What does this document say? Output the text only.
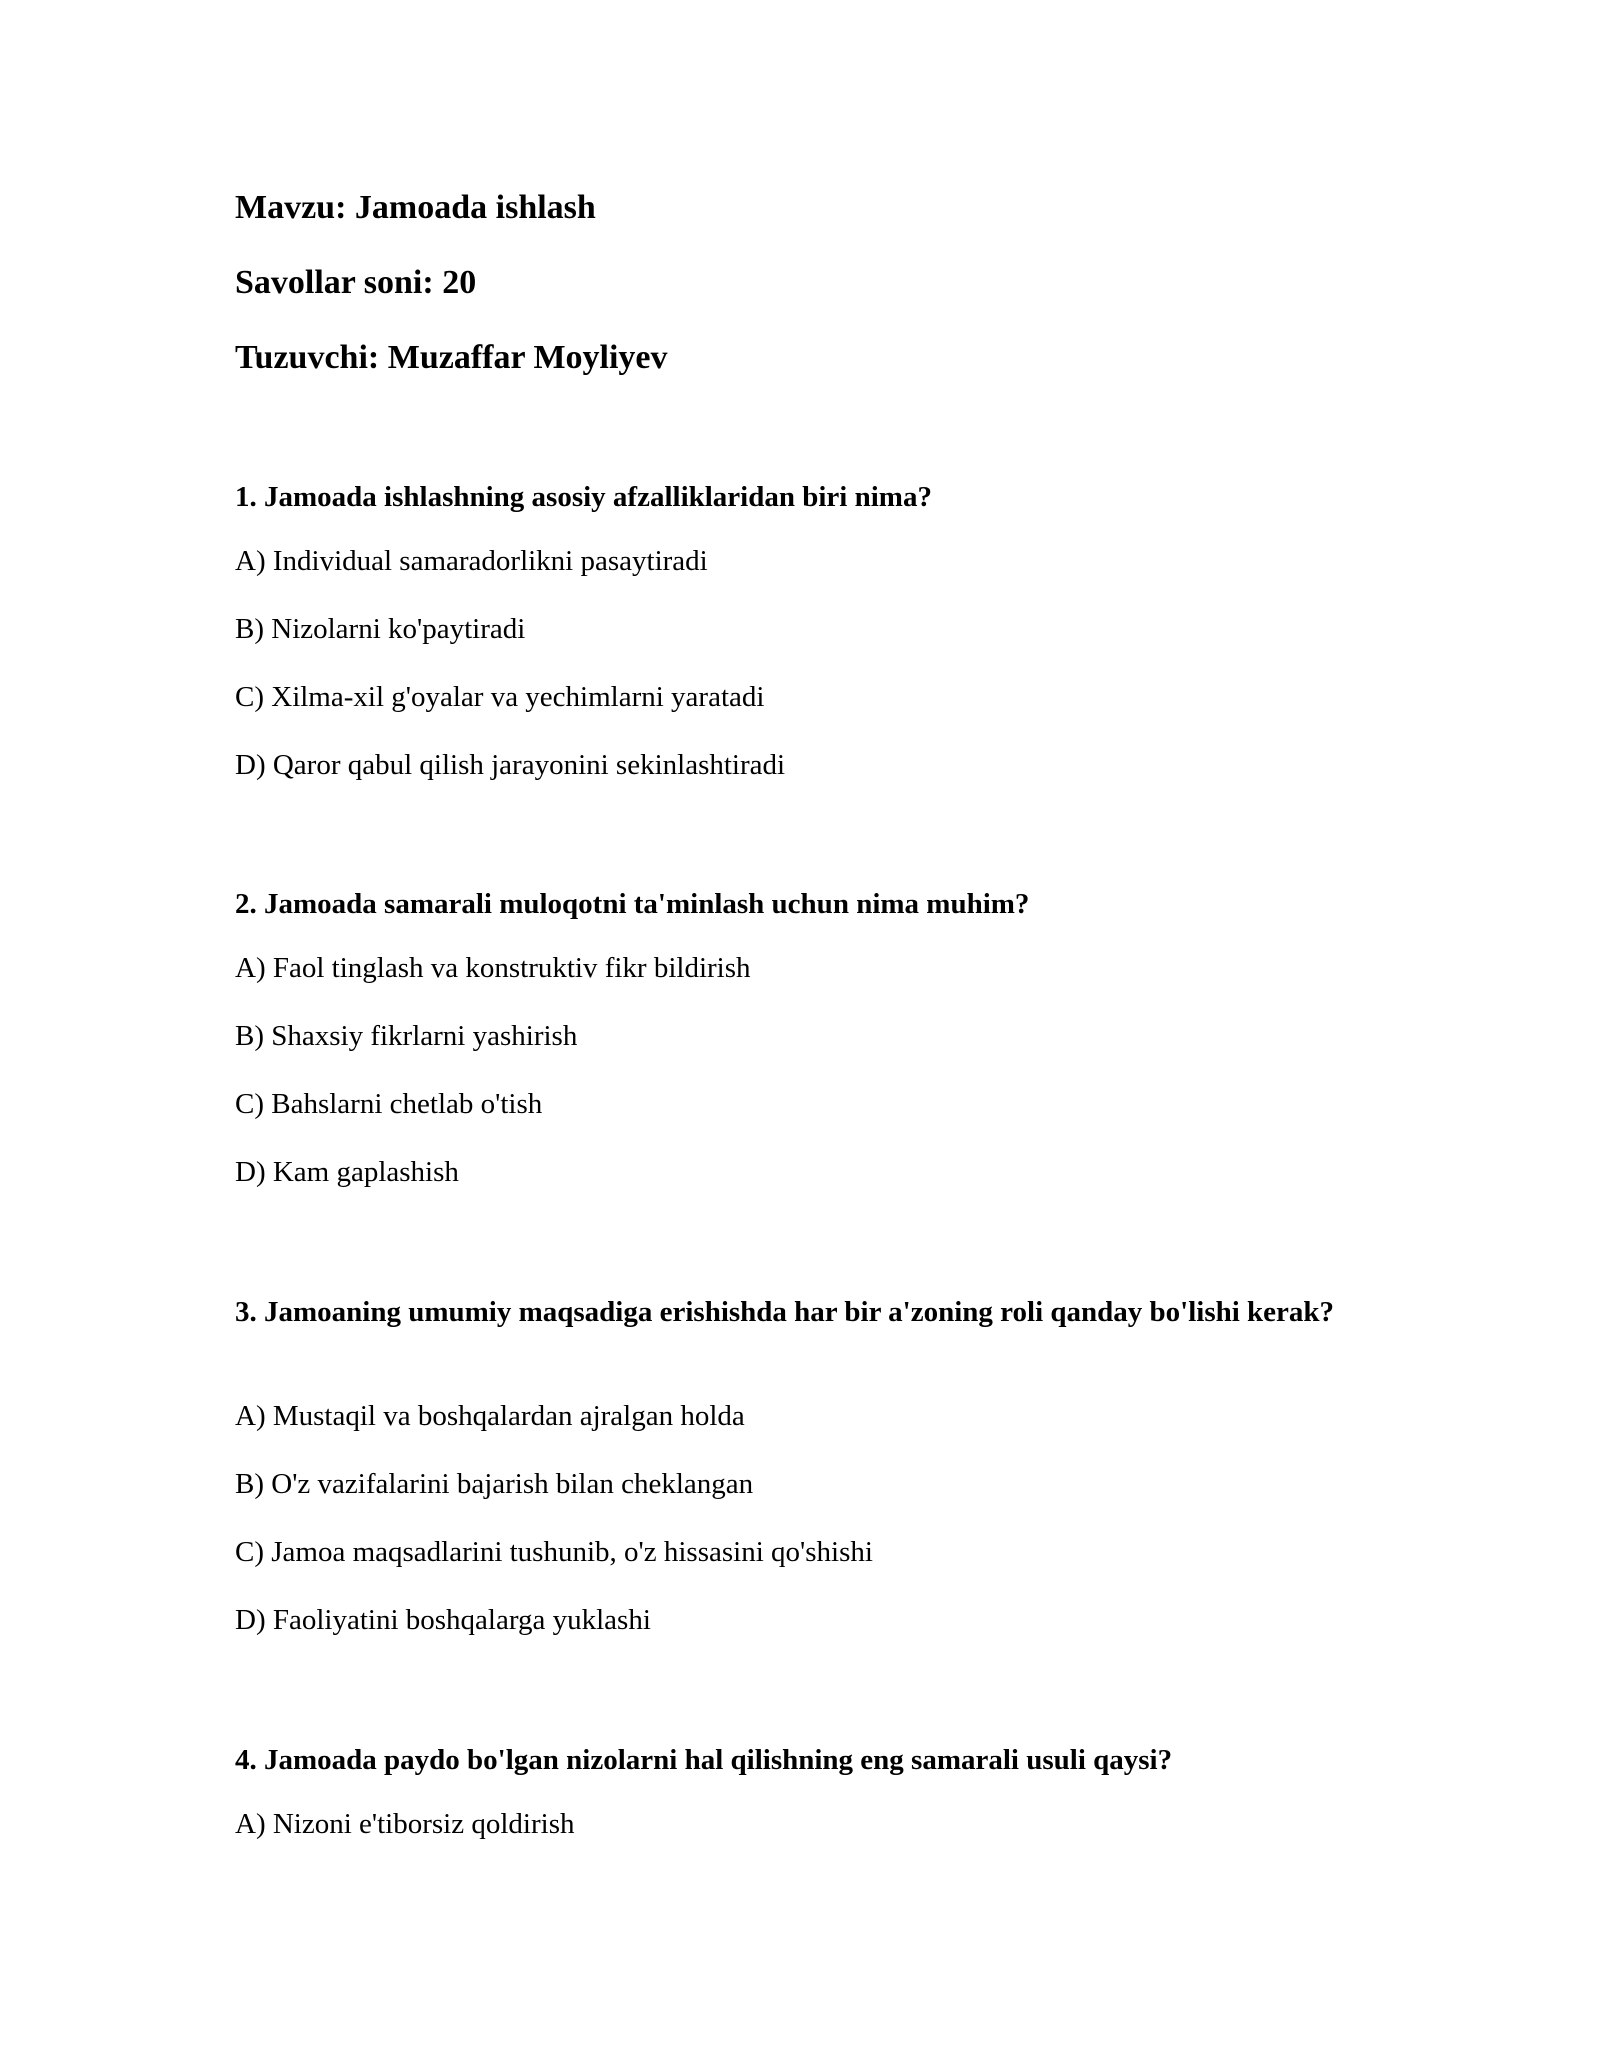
Mavzu: Jamoada ishlash
Savollar soni: 20
Tuzuvchi: Muzaffar Moyliyev

1. Jamoada ishlashning asosiy afzalliklaridan biri nima?

A) Individual samaradorlikni pasaytiradi

B) Nizolarni ko'paytiradi

C) Xilma-xil g'oyalar va yechimlarni yaratadi

D) Qaror qabul qilish jarayonini sekinlashtiradi

2. Jamoada samarali muloqotni ta'minlash uchun nima muhim?

A) Faol tinglash va konstruktiv fikr bildirish

B) Shaxsiy fikrlarni yashirish

C) Bahslarni chetlab o'tish

D) Kam gaplashish

3. Jamoaning umumiy maqsadiga erishishda har bir a'zoning roli qanday bo'lishi kerak?

A) Mustaqil va boshqalardan ajralgan holda

B) O'z vazifalarini bajarish bilan cheklangan

C) Jamoa maqsadlarini tushunib, o'z hissasini qo'shishi

D) Faoliyatini boshqalarga yuklashi

4. Jamoada paydo bo'lgan nizolarni hal qilishning eng samarali usuli qaysi?

A) Nizoni e'tiborsiz qoldirish
